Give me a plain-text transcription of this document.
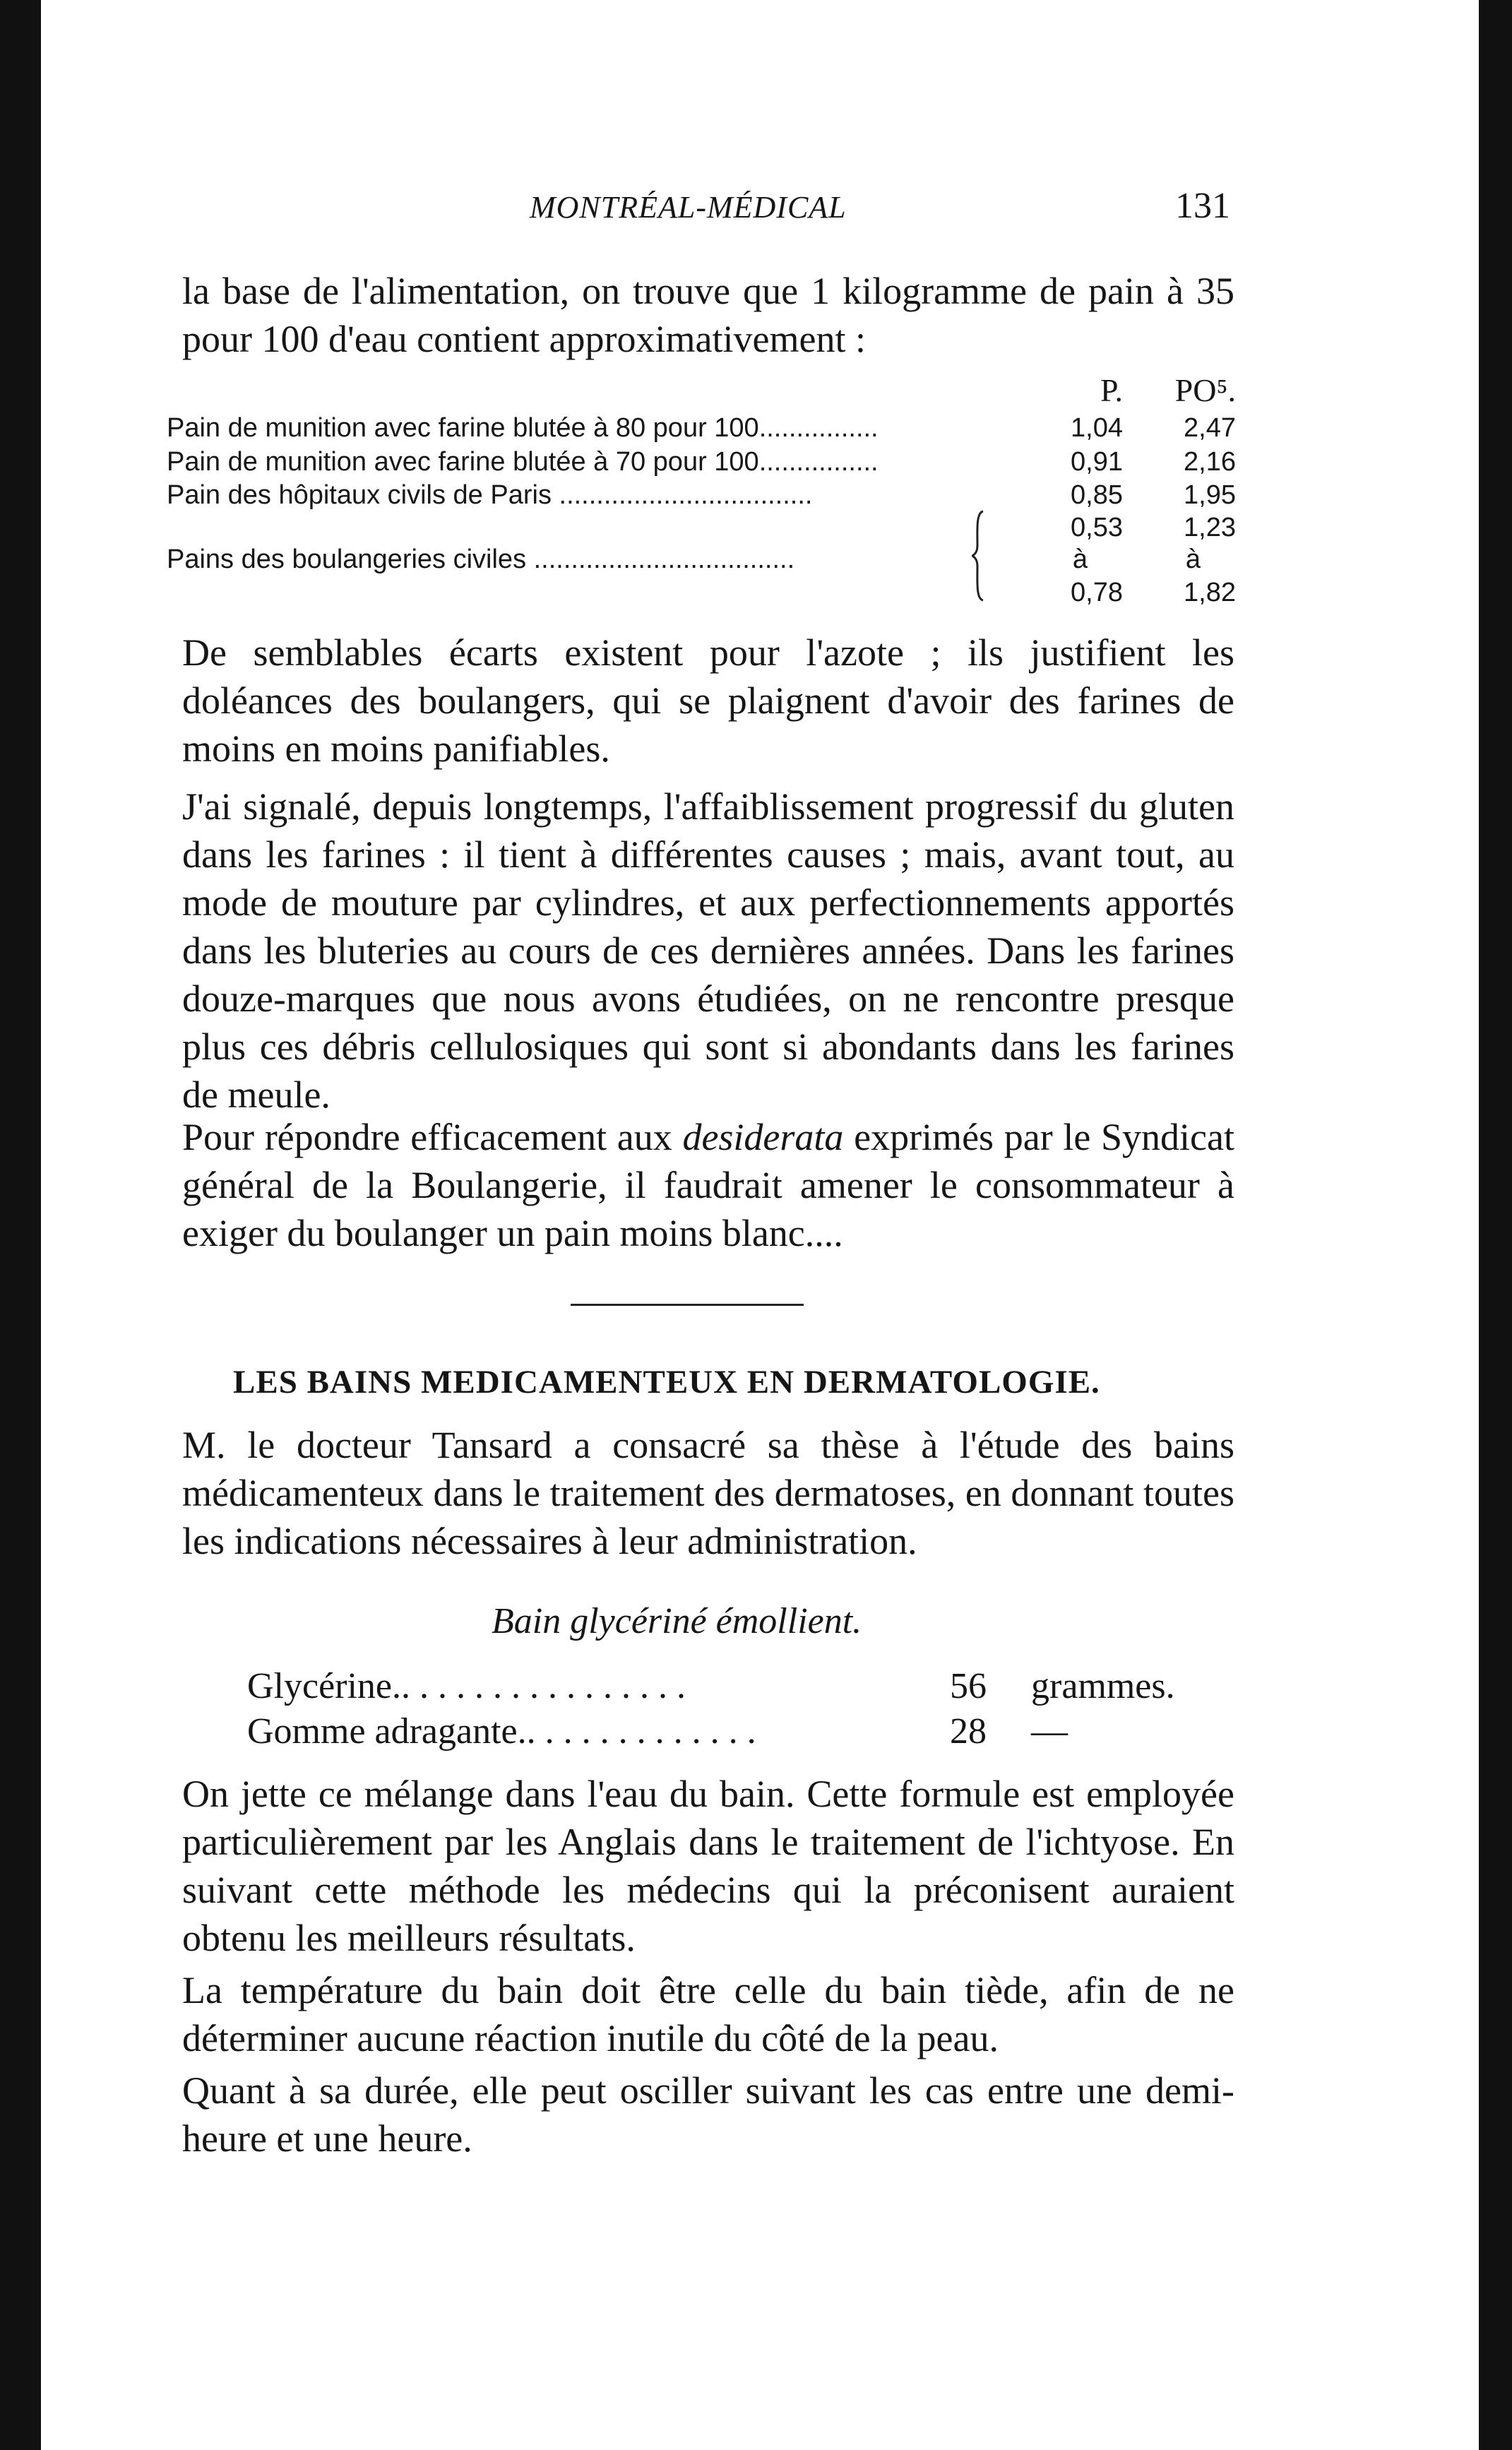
MONTRÉAL-MÉDICAL	131

la base de l'alimentation, on trouve que 1 kilogramme de pain à 35 pour 100 d'eau contient approximativement :

P.	PO⁵.
Pain de munition avec farine blutée à 80 pour 100................	1,04	2,47
Pain de munition avec farine blutée à 70 pour 100................	0,91	2,16
Pain des hôpitaux civils de Paris ..................................	0,85	1,95
0,53	1,23
Pains des boulangeries civiles ...................................	à	à
0,78	1,82

De semblables écarts existent pour l'azote ; ils justifient les doléances des boulangers, qui se plaignent d'avoir des farines de moins en moins panifiables.

J'ai signalé, depuis longtemps, l'affaiblissement progressif du gluten dans les farines : il tient à différentes causes ; mais, avant tout, au mode de mouture par cylindres, et aux perfectionnements apportés dans les bluteries au cours de ces dernières années. Dans les farines douze-marques que nous avons étudiées, on ne rencontre presque plus ces débris cellulosiques qui sont si abondants dans les farines de meule.

Pour répondre efficacement aux desiderata exprimés par le Syndicat général de la Boulangerie, il faudrait amener le consommateur à exiger du boulanger un pain moins blanc....

LES BAINS MEDICAMENTEUX EN DERMATOLOGIE.

M. le docteur Tansard a consacré sa thèse à l'étude des bains médicamenteux dans le traitement des dermatoses, en donnant toutes les indications nécessaires à leur administration.

Bain glycériné émollient.
Glycérine.. . . . . . . . . . . . . . . .	56 grammes.
Gomme adragante.. . . . . . . . . . . . .	28 —

On jette ce mélange dans l'eau du bain. Cette formule est employée particulièrement par les Anglais dans le traitement de l'ichtyose. En suivant cette méthode les médecins qui la préconisent auraient obtenu les meilleurs résultats.

La température du bain doit être celle du bain tiède, afin de ne déterminer aucune réaction inutile du côté de la peau.

Quant à sa durée, elle peut osciller suivant les cas entre une demi-heure et une heure.
